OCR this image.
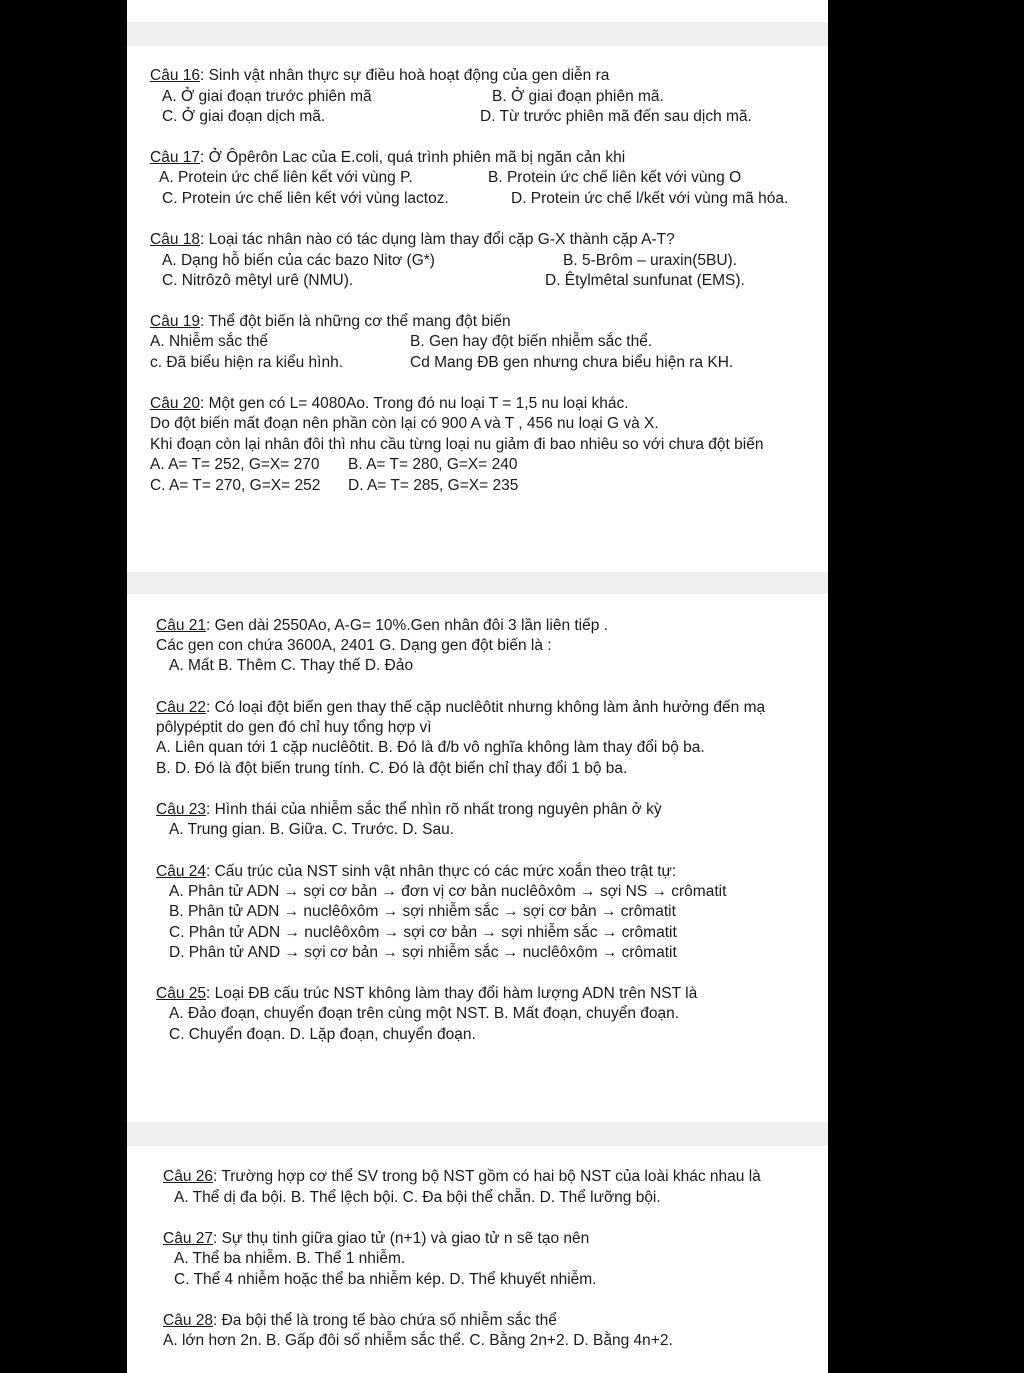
Câu 16: Sinh vật nhân thực sự điều hoà hoạt động của gen diễn ra
A. Ở giai đoạn trước phiên mã	B. Ở giai đoạn phiên mã.
C. Ở giai đoạn dịch mã.	D. Từ trước phiên mã đến sau dịch mã.
Câu 17: Ở Ôpêrôn Lac của E.coli, quá trình phiên mã bị ngăn cản khi
A. Protein ức chế liên kết với vùng P.	B. Protein ức chế liên kết với vùng O
C. Protein ức chế liên kết với vùng lactoz.	D. Protein ức chế l/kết với vùng mã hóa.
Câu 18: Loại tác nhân nào có tác dụng làm thay đổi cặp G-X thành cặp A-T?
A. Dạng hỗ biến của các bazo Nitơ (G*)	B. 5-Brôm – uraxin(5BU).
C. Nitrôzô mêtyl urê (NMU).	D. Êtylmêtal sunfunat (EMS).
Câu 19: Thể đột biến là những cơ thể mang đột biến
A. Nhiễm sắc thể	B. Gen hay đột biến nhiễm sắc thể.
c. Đã biểu hiện ra kiểu hình.	Cd Mang ĐB gen nhưng chưa biểu hiện ra KH.
Câu 20: Một gen có L= 4080Ao. Trong đó nu loại T = 1,5 nu loại khác.
Do đột biến mất đoạn nên phần còn lại có 900 A và T , 456 nu loại G và X.
Khi đoạn còn lại nhân đôi thì nhu cầu từng loại nu giảm đi bao nhiêu so với chưa đột biến
A. A= T= 252, G=X= 270 B. A= T= 280, G=X= 240
C. A= T= 270, G=X= 252 D. A= T= 285, G=X= 235
Câu 21: Gen dài 2550Ao, A-G= 10%.Gen nhân đôi 3 lần liên tiếp .
Các gen con chứa 3600A, 2401 G. Dạng gen đột biến là :
A. Mất B. Thêm C. Thay thế D. Đảo
Câu 22: Có loại đột biến gen thay thế cặp nuclêôtit nhưng không làm ảnh hưởng đến mạ
pôlypéptit do gen đó chỉ huy tổng hợp vì
A. Liên quan tới 1 cặp nuclêôtit. B. Đó là đ/b vô nghĩa không làm thay đổi bộ ba.
B. D. Đó là đột biến trung tính. C. Đó là đột biến chỉ thay đổi 1 bộ ba.
Câu 23: Hình thái của nhiễm sắc thể nhìn rõ nhất trong nguyên phân ở kỳ
A. Trung gian. B. Giữa. C. Trước. D. Sau.
Câu 24: Cấu trúc của NST sinh vật nhân thực có các mức xoắn theo trật tự:
A. Phân tử ADN → sợi cơ bản → đơn vị cơ bản nuclêôxôm → sợi NS → crômatit
B. Phân tử ADN → nuclêôxôm → sợi nhiễm sắc → sợi cơ bản → crômatit
C. Phân tử ADN → nuclêôxôm → sợi cơ bản → sợi nhiễm sắc → crômatit
D. Phân tử AND → sợi cơ bản → sợi nhiễm sắc → nuclêôxôm → crômatit
Câu 25: Loại ĐB cấu trúc NST không làm thay đổi hàm lượng ADN trên NST là
A. Đảo đoạn, chuyển đoạn trên cùng một NST. B. Mất đoạn, chuyển đoạn.
C. Chuyển đoạn. D. Lặp đoạn, chuyển đoạn.
Câu 26: Trường hợp cơ thể SV trong bộ NST gồm có hai bộ NST của loài khác nhau là
A. Thể dị đa bội. B. Thể lệch bội. C. Đa bội thể chẵn. D. Thể lưỡng bội.
Câu 27: Sự thụ tinh giữa giao tử (n+1) và giao tử n sẽ tạo nên
A. Thể ba nhiễm. B. Thể 1 nhiễm.
C. Thể 4 nhiễm hoặc thể ba nhiễm kép. D. Thể khuyết nhiễm.
Câu 28: Đa bội thể là trong tế bào chứa số nhiễm sắc thể
A. lớn hơn 2n. B. Gấp đôi số nhiễm sắc thể. C. Bằng 2n+2. D. Bằng 4n+2.
